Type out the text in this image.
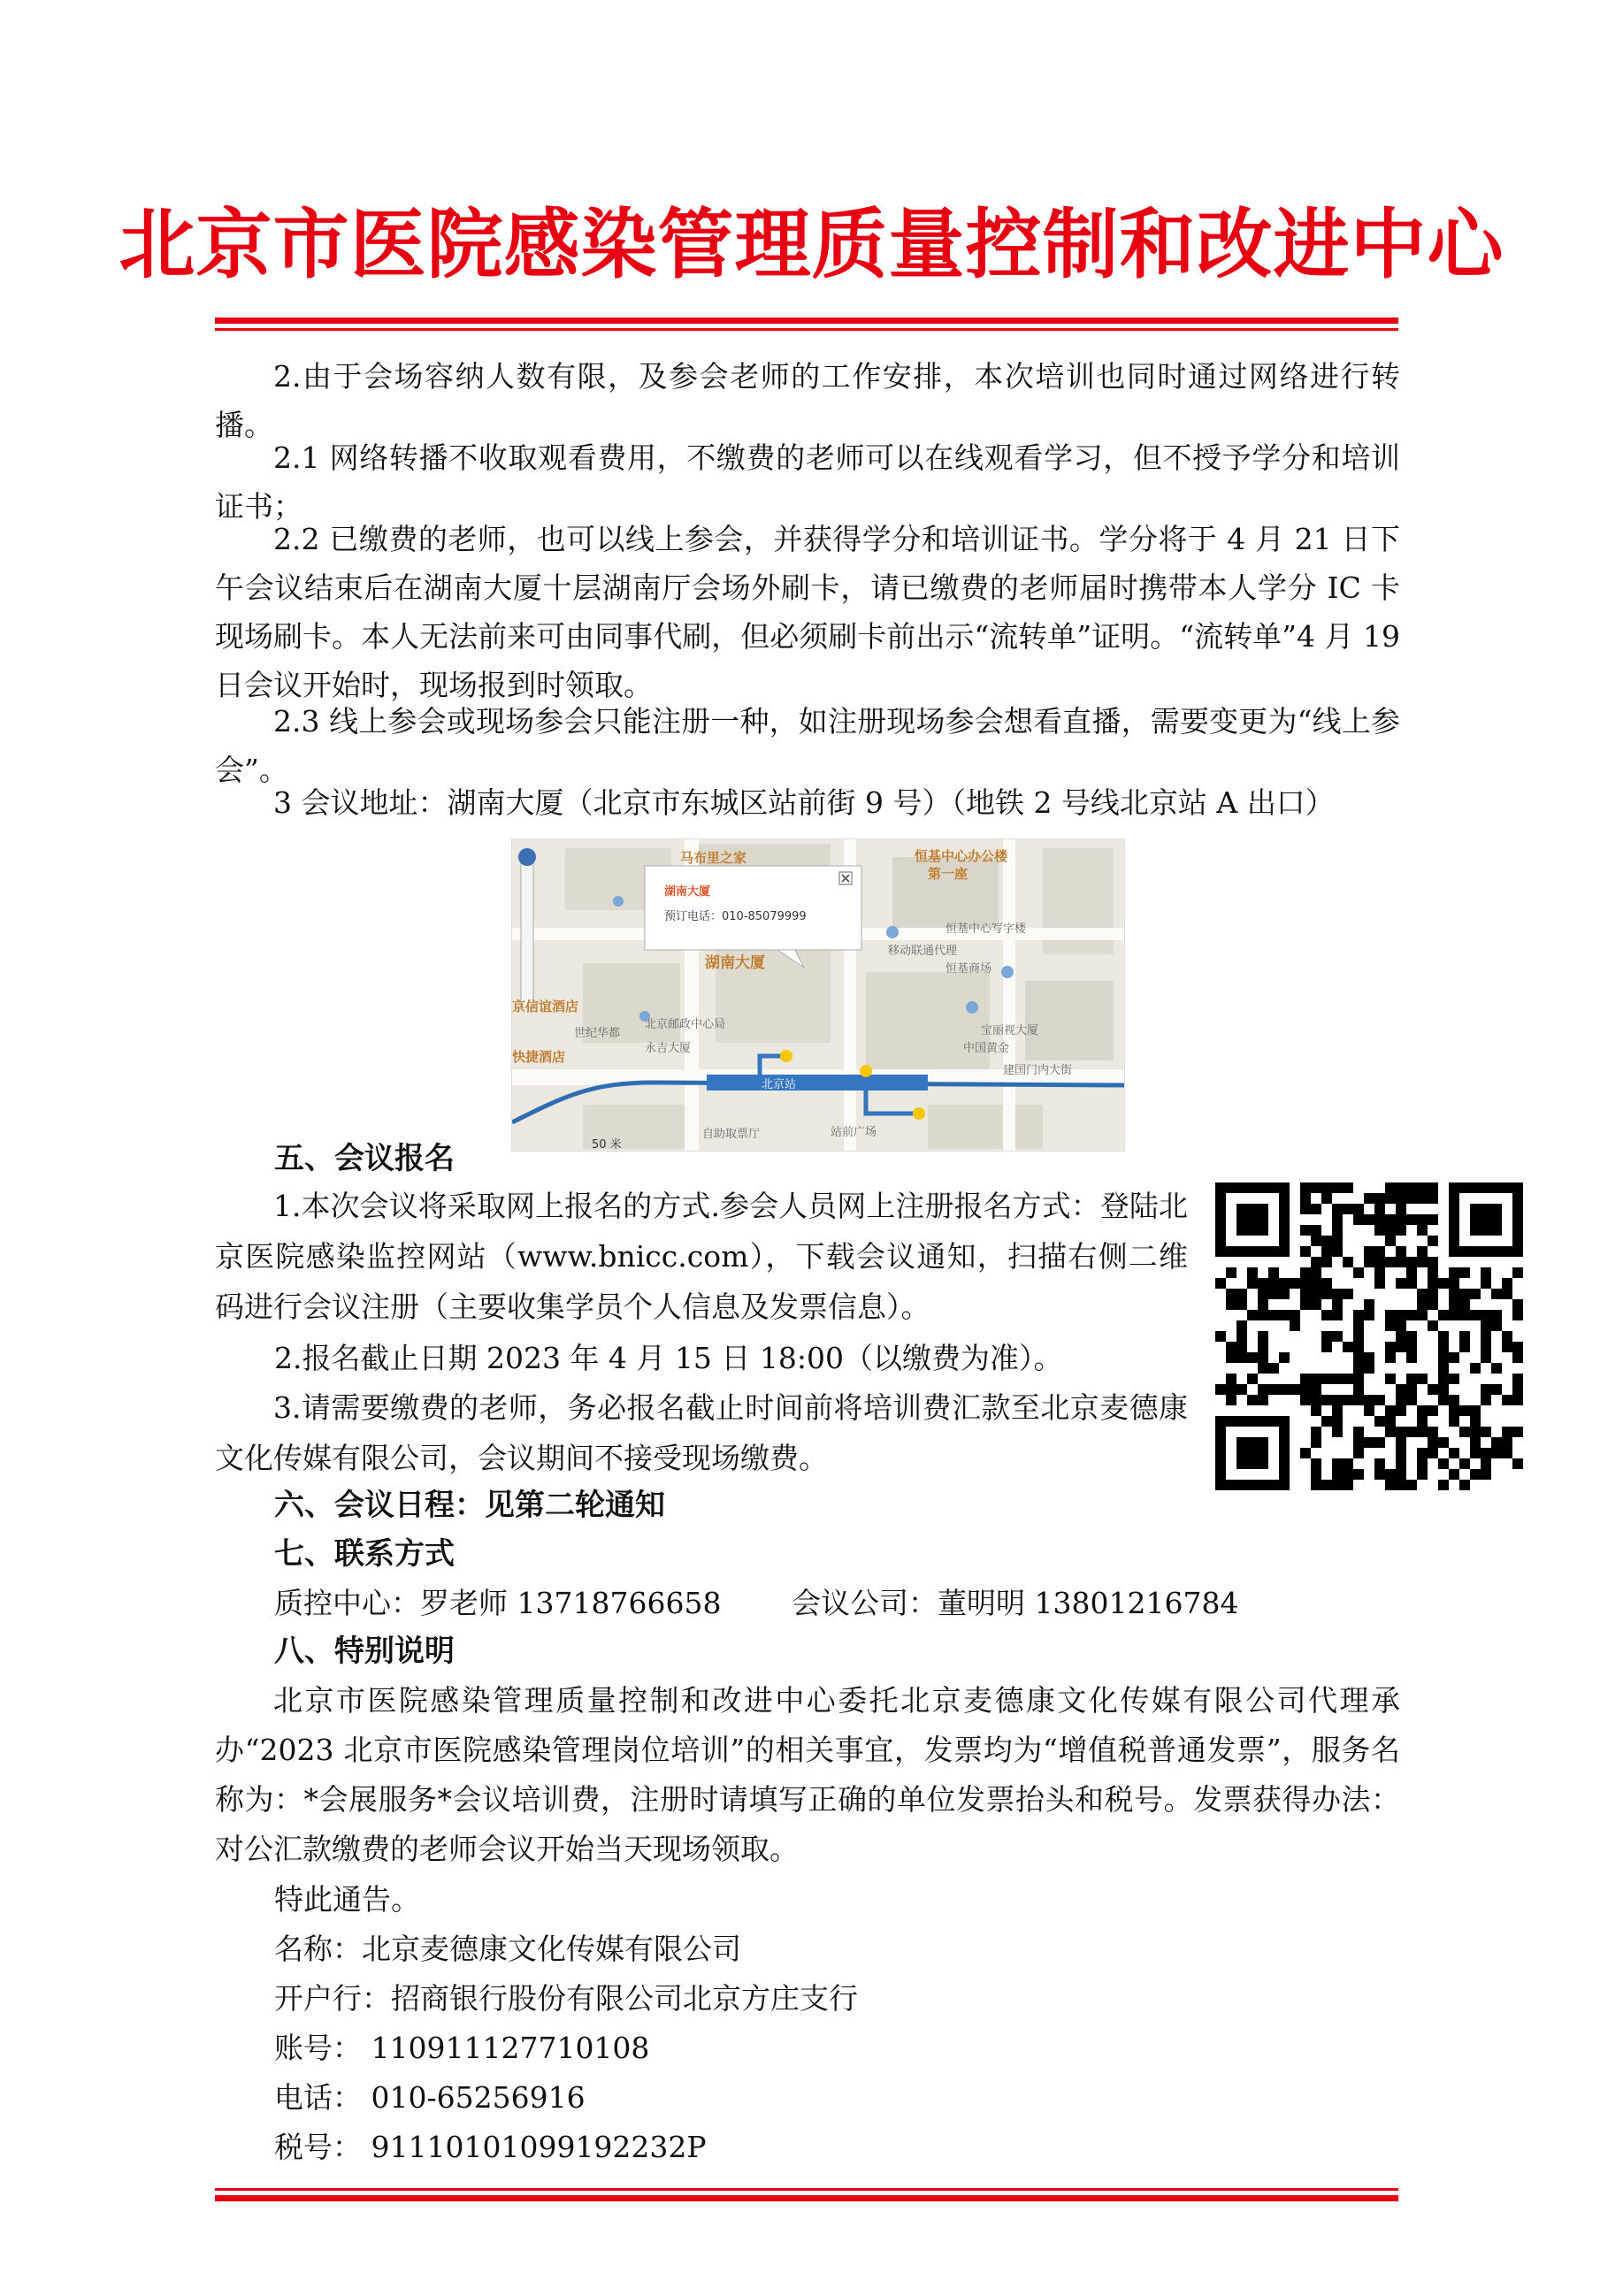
北京市医院感染管理质量控制和改进中心

2.由于会场容纳人数有限，及参会老师的工作安排，本次培训也同时通过网络进行转播。

2.1 网络转播不收取观看费用，不缴费的老师可以在线观看学习，但不授予学分和培训证书；

2.2 已缴费的老师，也可以线上参会，并获得学分和培训证书。学分将于 4 月 21 日下午会议结束后在湖南大厦十层湖南厅会场外刷卡，请已缴费的老师届时携带本人学分 IC 卡现场刷卡。本人无法前来可由同事代刷，但必须刷卡前出示“流转单”证明。“流转单”4 月 19 日会议开始时，现场报到时领取。

2.3 线上参会或现场参会只能注册一种，如注册现场参会想看直播，需要变更为“线上参会”。

3 会议地址：湖南大厦（北京市东城区站前街 9 号）（地铁 2 号线北京站 A 出口）

湖南大厦
预订电话：010-85079999
马布里之家	恒基中心办公楼
第一座
湖南大厦
京信谊酒店
快捷酒店
北京邮政中心局
永吉大厦
恒基中心写字楼
移动联通代理
恒基商场
宝丽视大厦
中国黄金
世纪华都
北京站
建国门内大街
站前广场
自助取票厅
50 米
五、会议报名

1.本次会议将采取网上报名的方式.参会人员网上注册报名方式：登陆北京医院感染监控网站（www.bnicc.com），下载会议通知，扫描右侧二维码进行会议注册（主要收集学员个人信息及发票信息）。

2.报名截止日期 2023 年 4 月 15 日 18:00（以缴费为准）。

3.请需要缴费的老师，务必报名截止时间前将培训费汇款至北京麦德康文化传媒有限公司，会议期间不接受现场缴费。

六、会议日程：见第二轮通知
七、联系方式

质控中心：罗老师 13718766658 会议公司：董明明 13801216784

八、特别说明

北京市医院感染管理质量控制和改进中心委托北京麦德康文化传媒有限公司代理承办“2023 北京市医院感染管理岗位培训”的相关事宜，发票均为“增值税普通发票”，服务名称为：*会展服务*会议培训费，注册时请填写正确的单位发票抬头和税号。发票获得办法：对公汇款缴费的老师会议开始当天现场领取。

特此通告。

名称：北京麦德康文化传媒有限公司

开户行：招商银行股份有限公司北京方庄支行

账号： 110911127710108

电话： 010-65256916

税号： 91110101099192232P
